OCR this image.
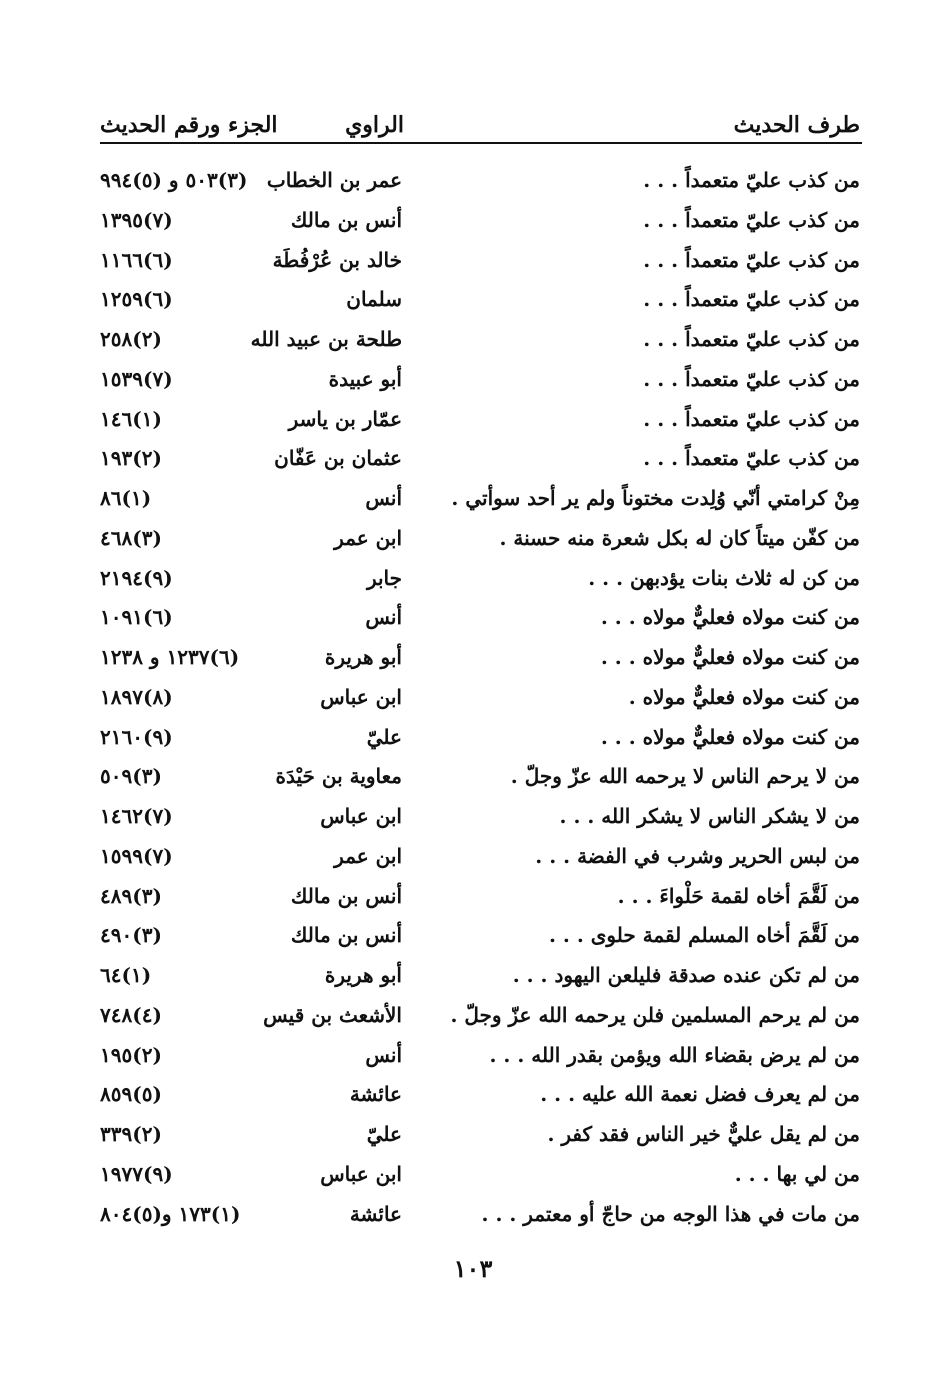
طرف الحديث
الراوي
الجزء ورقم الحديث
من كذب عليّ متعمداً . . .
عمر بن الخطاب
(٣)٥٠٣ و (٥)٩٩٤
من كذب عليّ متعمداً . . .
أنس بن مالك
(٧)١٣٩٥
من كذب عليّ متعمداً . . .
خالد بن عُرْفُطَة
(٦)١١٦٦
من كذب عليّ متعمداً . . .
سلمان
(٦)١٢٥٩
من كذب عليّ متعمداً . . .
طلحة بن عبيد الله
(٢)٢٥٨
من كذب عليّ متعمداً . . .
أبو عبيدة
(٧)١٥٣٩
من كذب عليّ متعمداً . . .
عمّار بن ياسر
(١)١٤٦
من كذب عليّ متعمداً . . .
عثمان بن عَفّان
(٢)١٩٣
مِنْ كرامتي أنّي وُلِدت مختوناً ولم ير أحد سوأتي .
أنس
(١)٨٦
من كفّن ميتاً كان له بكل شعرة منه حسنة .
ابن عمر
(٣)٤٦٨
من كن له ثلاث بنات يؤدبهن . . .
جابر
(٩)٢١٩٤
من كنت مولاه فعليٌّ مولاه . . .
أنس
(٦)١٠٩١
من كنت مولاه فعليٌّ مولاه . . .
أبو هريرة
(٦)١٢٣٧ و ١٢٣٨
من كنت مولاه فعليٌّ مولاه .
ابن عباس
(٨)١٨٩٧
من كنت مولاه فعليٌّ مولاه . . .
عليّ
(٩)٢١٦٠
من لا يرحم الناس لا يرحمه الله عزّ وجلّ .
معاوية بن حَيْدَة
(٣)٥٠٩
من لا يشكر الناس لا يشكر الله . . .
ابن عباس
(٧)١٤٦٢
من لبس الحرير وشرب في الفضة . . .
ابن عمر
(٧)١٥٩٩
من لَقَّمَ أخاه لقمة حَلْواءَ . . .
أنس بن مالك
(٣)٤٨٩
من لَقَّمَ أخاه المسلم لقمة حلوى . . .
أنس بن مالك
(٣)٤٩٠
من لم تكن عنده صدقة فليلعن اليهود . . .
أبو هريرة
(١)٦٤
من لم يرحم المسلمين فلن يرحمه الله عزّ وجلّ .
الأشعث بن قيس
(٤)٧٤٨
من لم يرض بقضاء الله ويؤمن بقدر الله . . .
أنس
(٢)١٩٥
من لم يعرف فضل نعمة الله عليه . . .
عائشة
(٥)٨٥٩
من لم يقل عليٌّ خير الناس فقد كفر .
عليّ
(٢)٣٣٩
من لي بها . . .
ابن عباس
(٩)١٩٧٧
من مات في هذا الوجه من حاجّ أو معتمر . . .
عائشة
(١)١٧٣ و(٥)٨٠٤
١٠٣
